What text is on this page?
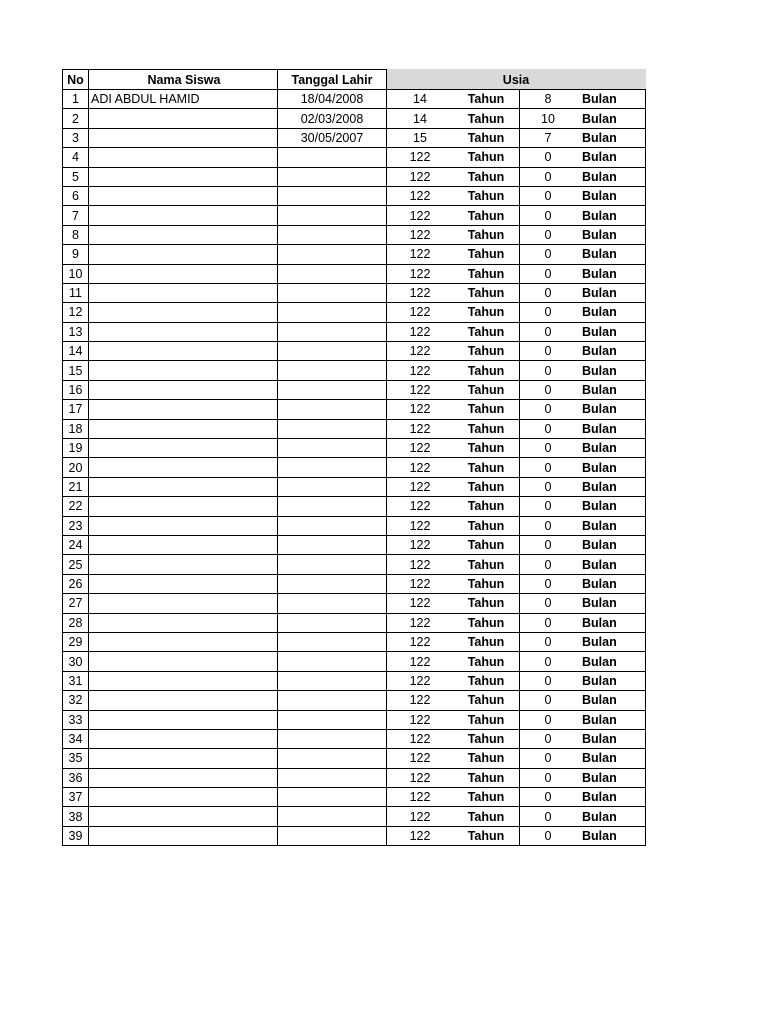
No	Nama Siswa	Tanggal Lahir	Usia			
1	ADI ABDUL HAMID	18/04/2008	14	Tahun	8	Bulan
2		02/03/2008	14	Tahun	10	Bulan
3		30/05/2007	15	Tahun	7	Bulan
4			122	Tahun	0	Bulan
5			122	Tahun	0	Bulan
6			122	Tahun	0	Bulan
7			122	Tahun	0	Bulan
8			122	Tahun	0	Bulan
9			122	Tahun	0	Bulan
10			122	Tahun	0	Bulan
11			122	Tahun	0	Bulan
12			122	Tahun	0	Bulan
13			122	Tahun	0	Bulan
14			122	Tahun	0	Bulan
15			122	Tahun	0	Bulan
16			122	Tahun	0	Bulan
17			122	Tahun	0	Bulan
18			122	Tahun	0	Bulan
19			122	Tahun	0	Bulan
20			122	Tahun	0	Bulan
21			122	Tahun	0	Bulan
22			122	Tahun	0	Bulan
23			122	Tahun	0	Bulan
24			122	Tahun	0	Bulan
25			122	Tahun	0	Bulan
26			122	Tahun	0	Bulan
27			122	Tahun	0	Bulan
28			122	Tahun	0	Bulan
29			122	Tahun	0	Bulan
30			122	Tahun	0	Bulan
31			122	Tahun	0	Bulan
32			122	Tahun	0	Bulan
33			122	Tahun	0	Bulan
34			122	Tahun	0	Bulan
35			122	Tahun	0	Bulan
36			122	Tahun	0	Bulan
37			122	Tahun	0	Bulan
38			122	Tahun	0	Bulan
39			122	Tahun	0	Bulan
